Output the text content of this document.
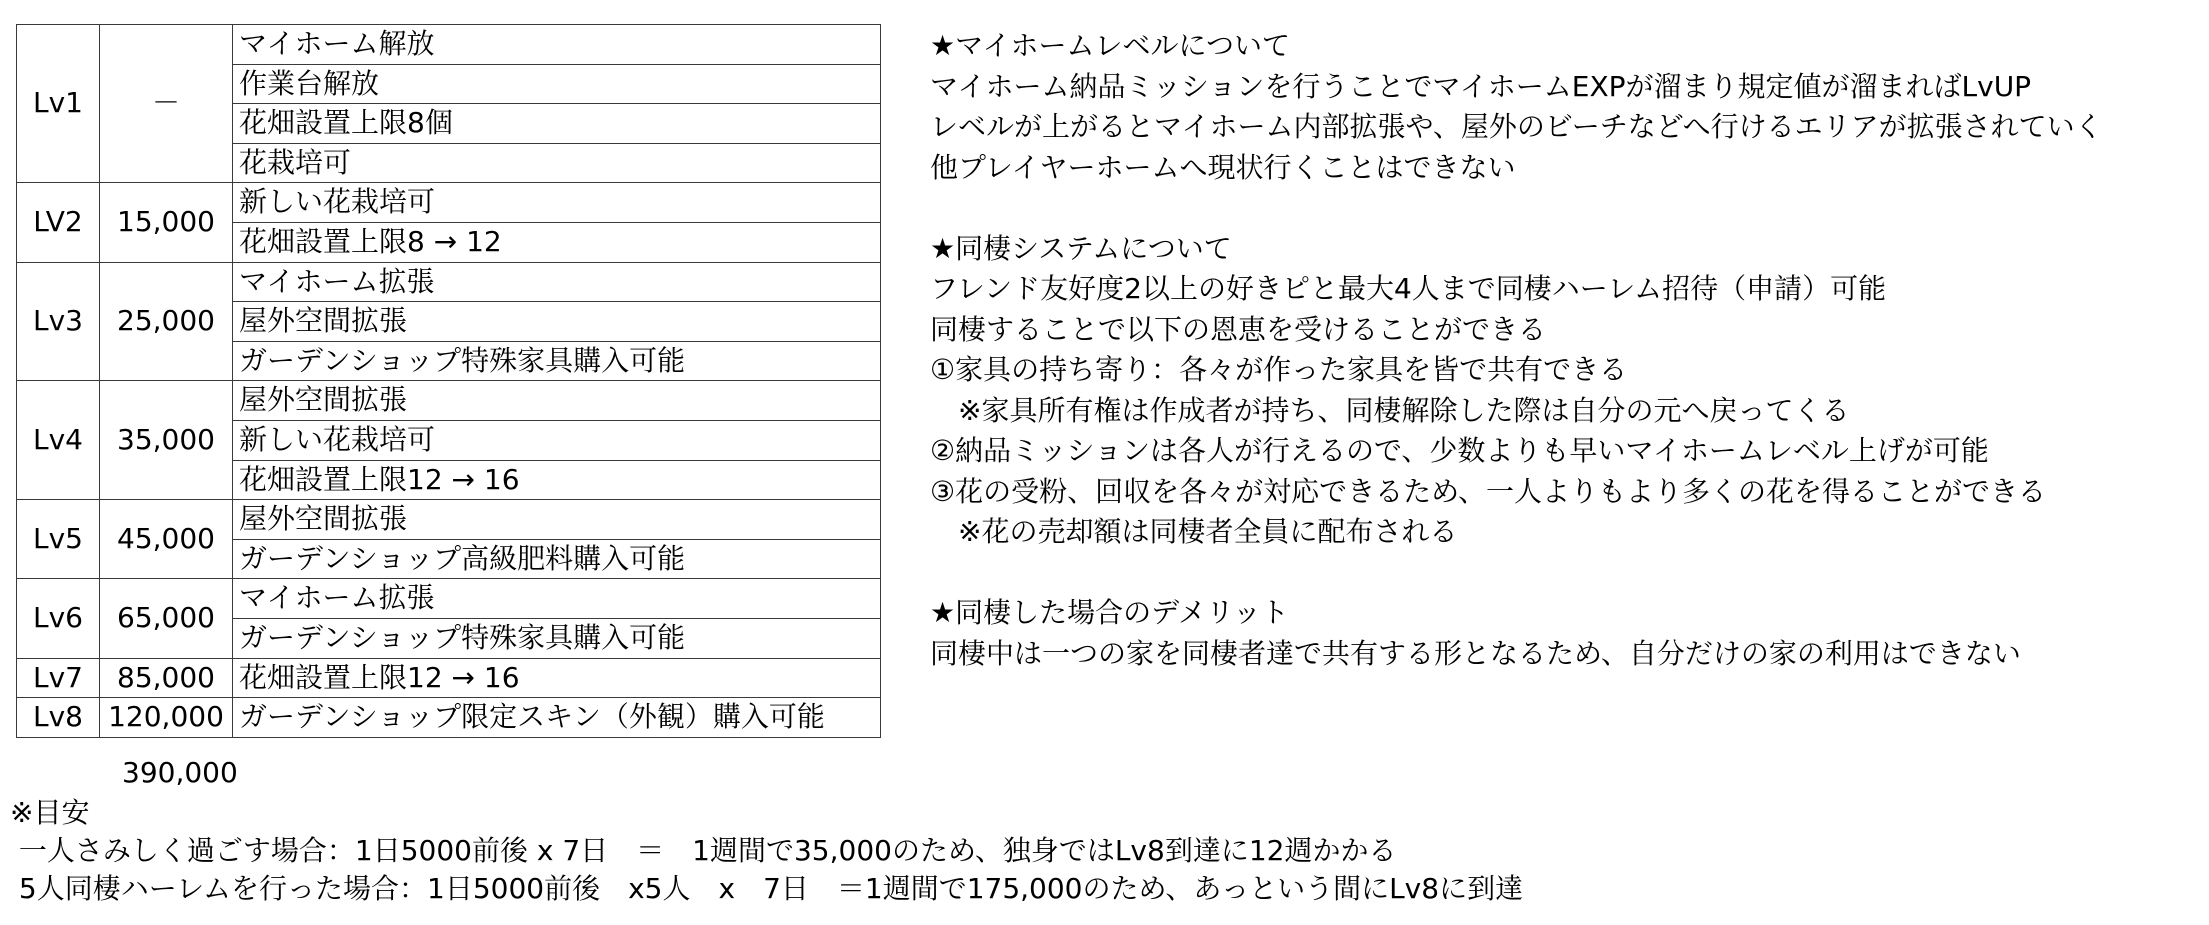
Lv1	－	マイホーム解放
		作業台解放
		花畑設置上限8個
		花栽培可
LV2	15,000	新しい花栽培可
		花畑設置上限8 → 12
Lv3	25,000	マイホーム拡張
		屋外空間拡張
		ガーデンショップ特殊家具購入可能
Lv4	35,000	屋外空間拡張
		新しい花栽培可
		花畑設置上限12 → 16
Lv5	45,000	屋外空間拡張
		ガーデンショップ高級肥料購入可能
Lv6	65,000	マイホーム拡張
		ガーデンショップ特殊家具購入可能
Lv7	85,000	花畑設置上限12 → 16
Lv8	120,000	ガーデンショップ限定スキン（外観）購入可能
390,000
※目安
一人さみしく過ごす場合：1日5000前後 x 7日　＝　1週間で35,000のため、独身ではLv8到達に12週かかる
5人同棲ハーレムを行った場合：1日5000前後　x5人　x　7日　＝1週間で175,000のため、あっという間にLv8に到達
★マイホームレベルについて
マイホーム納品ミッションを行うことでマイホームEXPが溜まり規定値が溜まればLvUP
レベルが上がるとマイホーム内部拡張や、屋外のビーチなどへ行けるエリアが拡張されていく
他プレイヤーホームへ現状行くことはできない
★同棲システムについて
フレンド友好度2以上の好きピと最大4人まで同棲ハーレム招待（申請）可能
同棲することで以下の恩恵を受けることができる
①家具の持ち寄り：各々が作った家具を皆で共有できる
　※家具所有権は作成者が持ち、同棲解除した際は自分の元へ戻ってくる
②納品ミッションは各人が行えるので、少数よりも早いマイホームレベル上げが可能
③花の受粉、回収を各々が対応できるため、一人よりもより多くの花を得ることができる
　※花の売却額は同棲者全員に配布される
★同棲した場合のデメリット
同棲中は一つの家を同棲者達で共有する形となるため、自分だけの家の利用はできない
